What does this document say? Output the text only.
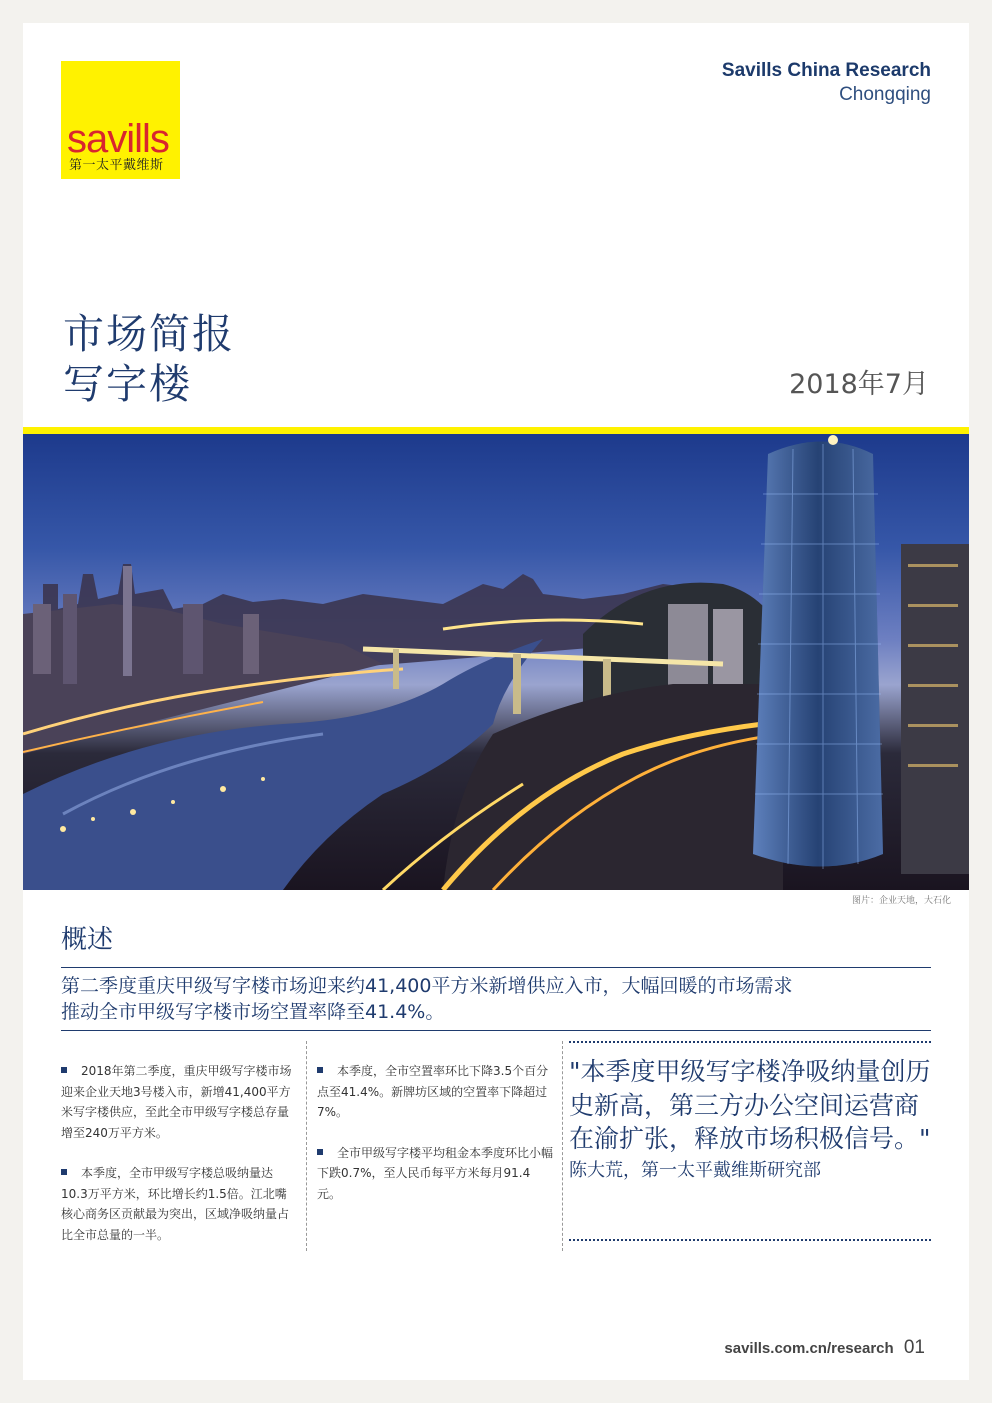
savills
第一太平戴维斯
Savills China Research
Chongqing
市场简报
写字楼	2018年7月
图片：企业天地，大石化
概述
第二季度重庆甲级写字楼市场迎来约41,400平方米新增供应入市，大幅回暖的市场需求
推动全市甲级写字楼市场空置率降至41.4%。
2018年第二季度，重庆甲级写字楼市场迎来企业天地3号楼入市，新增41,400平方米写字楼供应，至此全市甲级写字楼总存量增至240万平方米。
本季度，全市甲级写字楼总吸纳量达10.3万平方米，环比增长约1.5倍。江北嘴核心商务区贡献最为突出，区域净吸纳量占比全市总量的一半。
本季度，全市空置率环比下降3.5个百分点至41.4%。新牌坊区域的空置率下降超过7%。
全市甲级写字楼平均租金本季度环比小幅下跌0.7%，至人民币每平方米每月91.4元。
"本季度甲级写字楼净吸纳量创历史新高，第三方办公空间运营商在渝扩张，释放市场积极信号。" 陈大荒，第一太平戴维斯研究部
savills.com.cn/research 01
